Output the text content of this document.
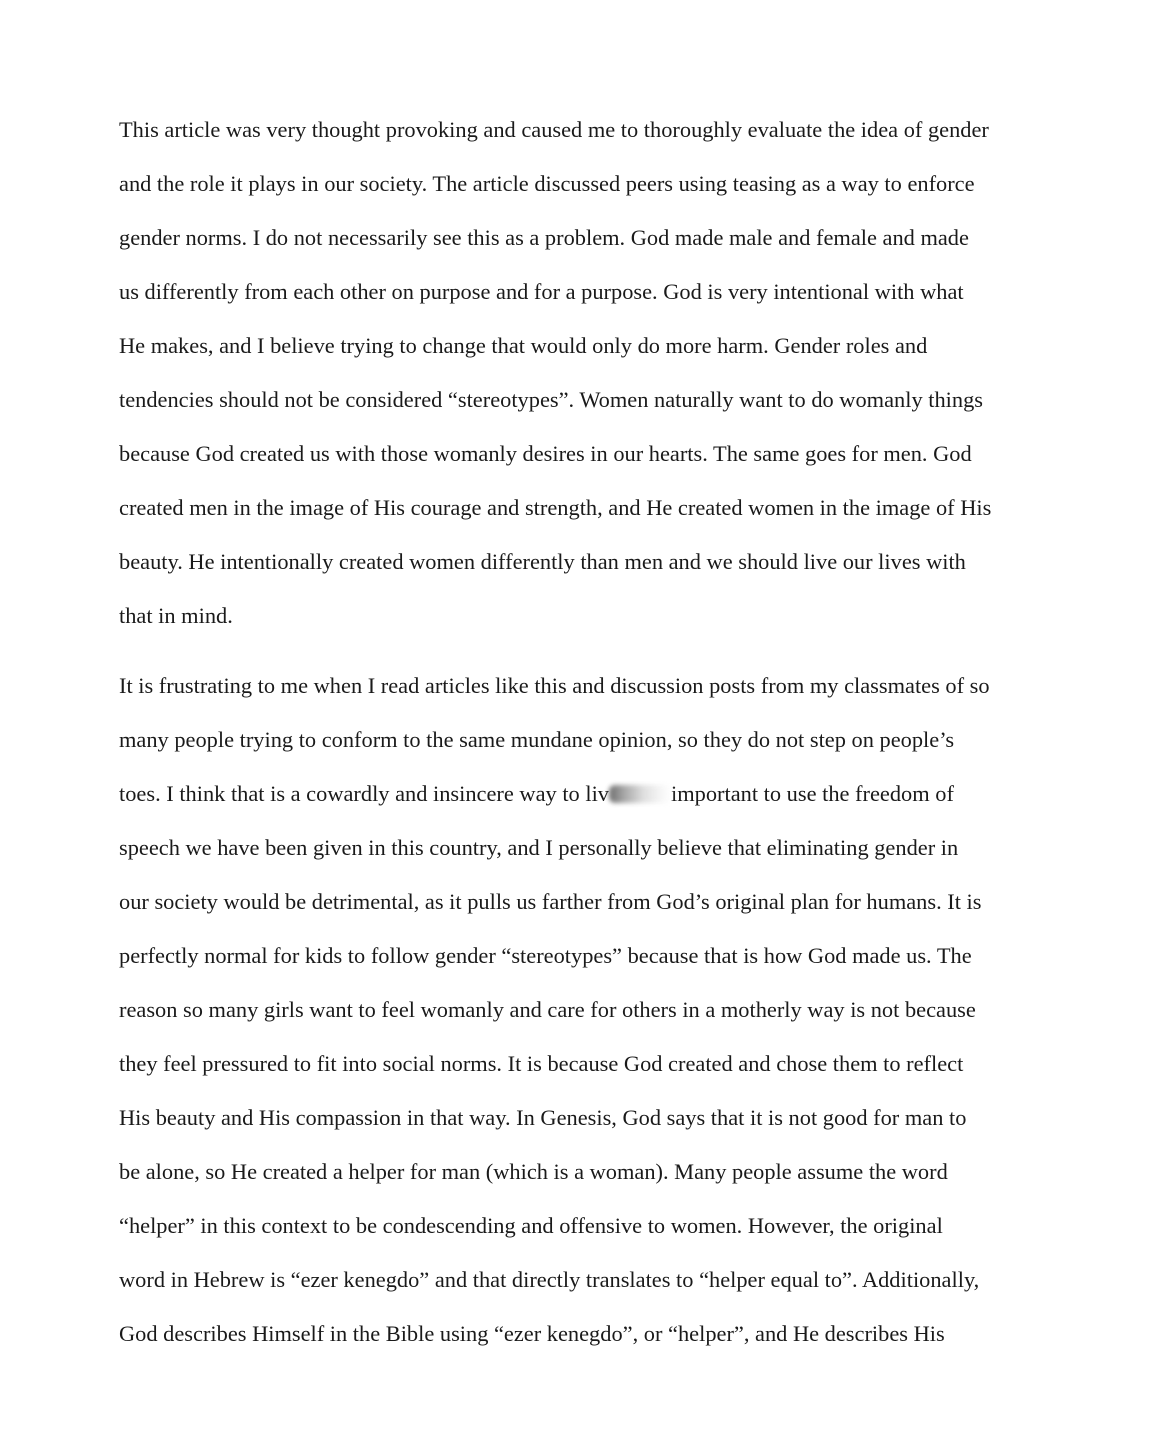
This article was very thought provoking and caused me to thoroughly evaluate the idea of gender
and the role it plays in our society. The article discussed peers using teasing as a way to enforce
gender norms. I do not necessarily see this as a problem. God made male and female and made
us differently from each other on purpose and for a purpose. God is very intentional with what
He makes, and I believe trying to change that would only do more harm. Gender roles and
tendencies should not be considered “stereotypes”. Women naturally want to do womanly things
because God created us with those womanly desires in our hearts. The same goes for men. God
created men in the image of His courage and strength, and He created women in the image of His
beauty. He intentionally created women differently than men and we should live our lives with
that in mind.
It is frustrating to me when I read articles like this and discussion posts from my classmates of so
many people trying to conform to the same mundane opinion, so they do not step on people’s
toes. I think that is a cowardly and insincere way to liv	important to use the freedom of
speech we have been given in this country, and I personally believe that eliminating gender in
our society would be detrimental, as it pulls us farther from God’s original plan for humans. It is
perfectly normal for kids to follow gender “stereotypes” because that is how God made us. The
reason so many girls want to feel womanly and care for others in a motherly way is not because
they feel pressured to fit into social norms. It is because God created and chose them to reflect
His beauty and His compassion in that way. In Genesis, God says that it is not good for man to
be alone, so He created a helper for man (which is a woman). Many people assume the word
“helper” in this context to be condescending and offensive to women. However, the original
word in Hebrew is “ezer kenegdo” and that directly translates to “helper equal to”. Additionally,
God describes Himself in the Bible using “ezer kenegdo”, or “helper”, and He describes His
